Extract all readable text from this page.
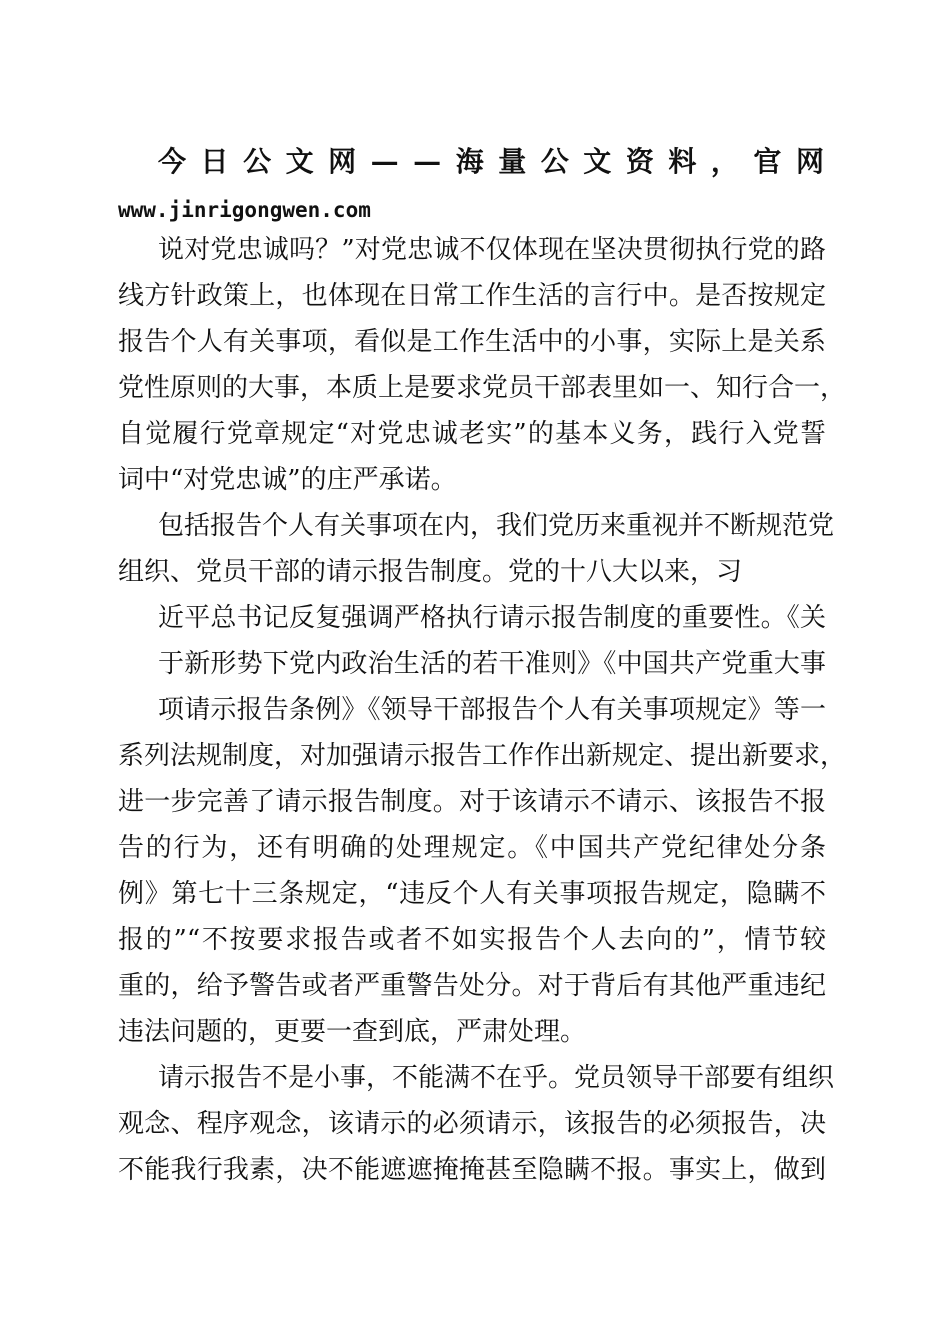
今 日 公 文 网 — — 海 量 公 文 资 料 ， 官 网
www.jinrigongwen.com
说对党忠诚吗？”对党忠诚不仅体现在坚决贯彻执行党的路
线方针政策上，也体现在日常工作生活的言行中。是否按规定
报告个人有关事项，看似是工作生活中的小事，实际上是关系
党性原则的大事，本质上是要求党员干部表里如一、知行合一，
自觉履行党章规定“对党忠诚老实”的基本义务，践行入党誓
词中“对党忠诚”的庄严承诺。
包括报告个人有关事项在内，我们党历来重视并不断规范党
组织、党员干部的请示报告制度。党的十八大以来，习
近平总书记反复强调严格执行请示报告制度的重要性。《关
于新形势下党内政治生活的若干准则》《中国共产党重大事
项请示报告条例》《领导干部报告个人有关事项规定》等一
系列法规制度，对加强请示报告工作作出新规定、提出新要求，
进一步完善了请示报告制度。对于该请示不请示、该报告不报
告的行为，还有明确的处理规定。《中国共产党纪律处分条
例》第七十三条规定，“违反个人有关事项报告规定，隐瞒不
报的”“不按要求报告或者不如实报告个人去向的”，情节较
重的，给予警告或者严重警告处分。对于背后有其他严重违纪
违法问题的，更要一查到底，严肃处理。
请示报告不是小事，不能满不在乎。党员领导干部要有组织
观念、程序观念，该请示的必须请示，该报告的必须报告，决
不能我行我素，决不能遮遮掩掩甚至隐瞒不报。事实上，做到
